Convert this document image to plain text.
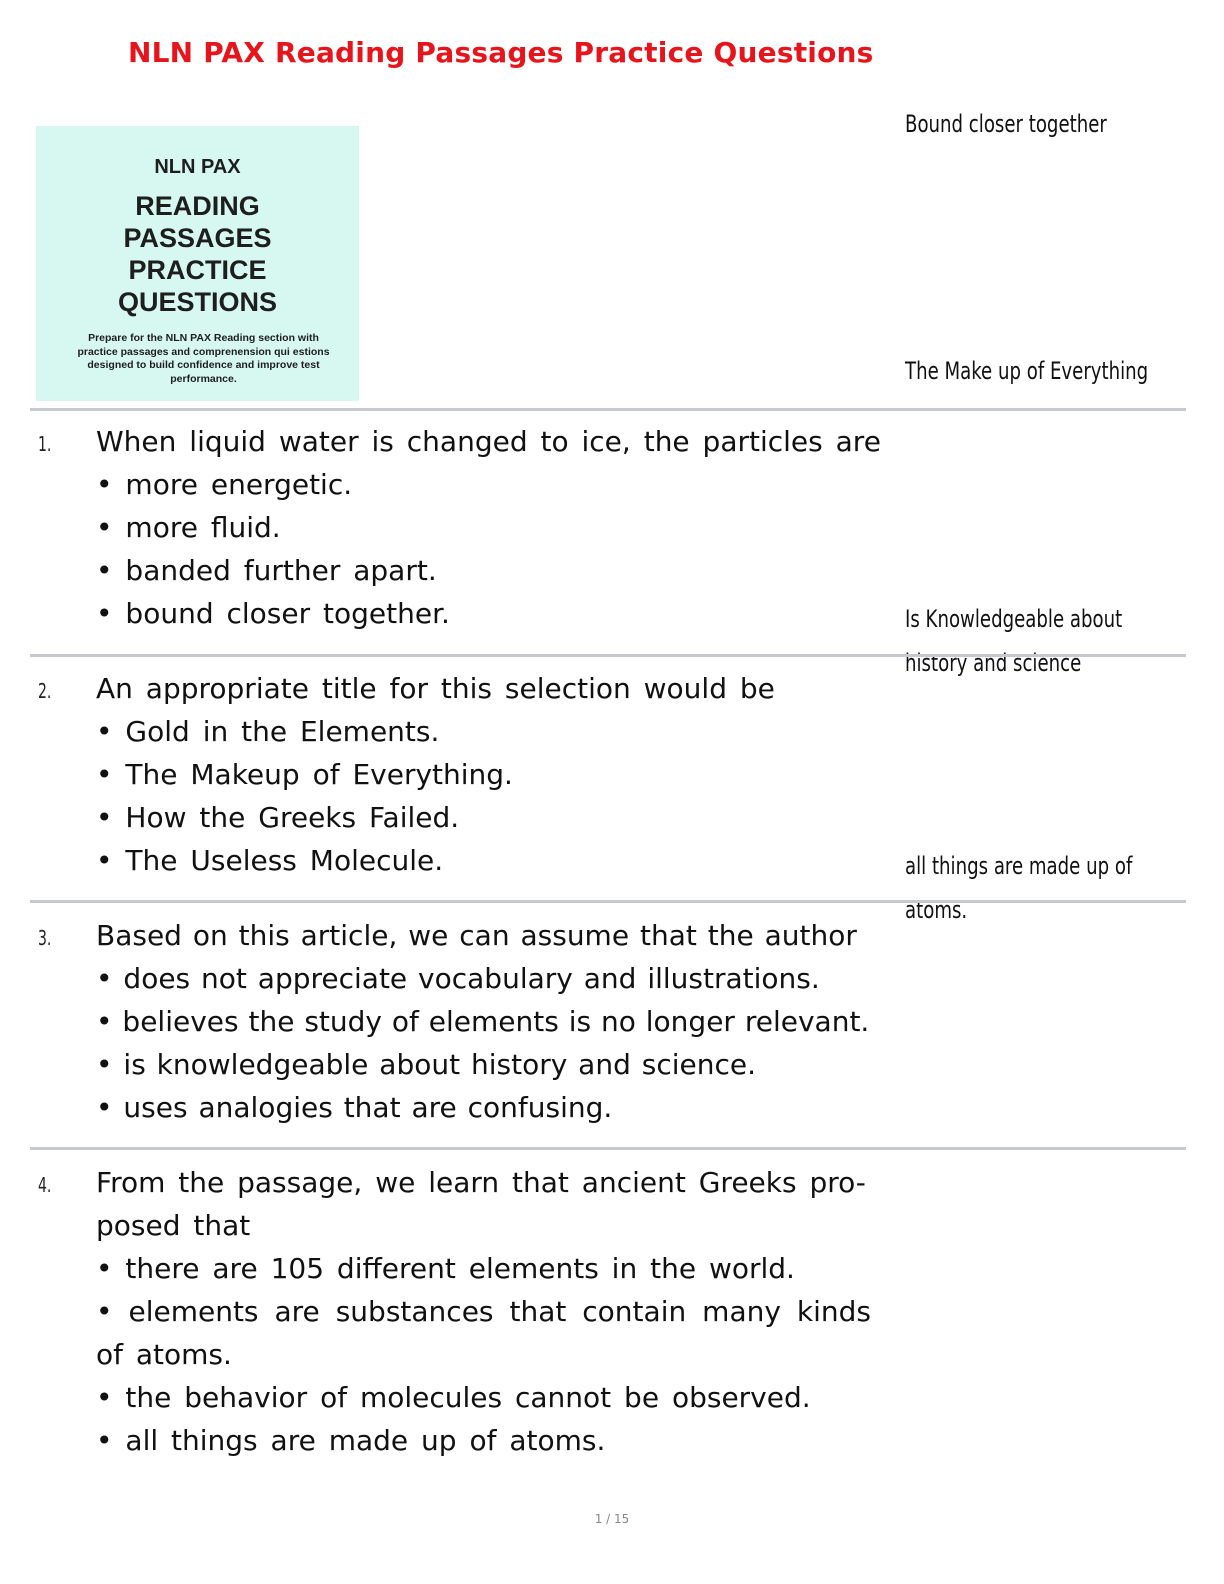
NLN PAX Reading Passages Practice Questions
NLN PAX
READING
PASSAGES
PRACTICE
QUESTIONS
Prepare for the NLN PAX Reading section with practice passages and comprenension qui estions designed to build confidence and improve test performance.
Bound closer together
The Make up of Everything
Is Knowledgeable about history and science
all things are made up of atoms.
1. When liquid water is changed to ice, the particles are
• more energetic.
• more fluid.
• banded further apart.
• bound closer together.
2. An appropriate title for this selection would be
• Gold in the Elements.
• The Makeup of Everything.
• How the Greeks Failed.
• The Useless Molecule.
3. Based on this article, we can assume that the author
• does not appreciate vocabulary and illustrations.
• believes the study of elements is no longer relevant.
• is knowledgeable about history and science.
• uses analogies that are confusing.
4. From the passage, we learn that ancient Greeks pro- posed that
• there are 105 different elements in the world.
• elements are substances that contain many kinds of atoms.
• the behavior of molecules cannot be observed.
• all things are made up of atoms.
1 / 15
